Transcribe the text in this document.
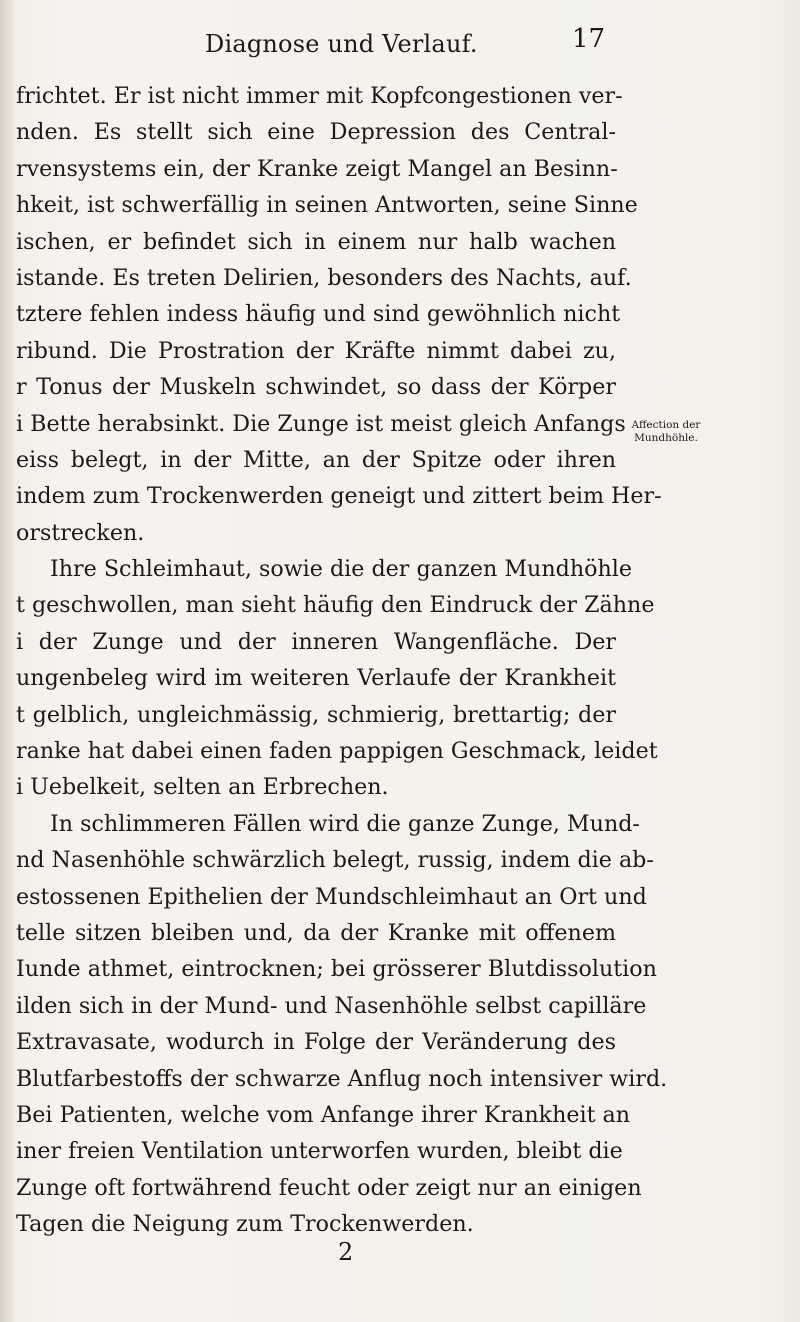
Diagnose und Verlauf.	17
frichtet. Er ist nicht immer mit Kopfcongestionen ver-
nden. Es stellt sich eine Depression des Central-
rvensystems ein, der Kranke zeigt Mangel an Besinn-
hkeit, ist schwerfällig in seinen Antworten, seine Sinne
ischen, er befindet sich in einem nur halb wachen
istande. Es treten Delirien, besonders des Nachts, auf.
tztere fehlen indess häufig und sind gewöhnlich nicht
ribund. Die Prostration der Kräfte nimmt dabei zu,
r Tonus der Muskeln schwindet, so dass der Körper
i Bette herabsinkt. Die Zunge ist meist gleich Anfangs
eiss belegt, in der Mitte, an der Spitze oder ihren
indem zum Trockenwerden geneigt und zittert beim Her-
orstrecken.
Ihre Schleimhaut, sowie die der ganzen Mundhöhle
t geschwollen, man sieht häufig den Eindruck der Zähne
i der Zunge und der inneren Wangenfläche. Der
ungenbeleg wird im weiteren Verlaufe der Krankheit
t gelblich, ungleichmässig, schmierig, brettartig; der
ranke hat dabei einen faden pappigen Geschmack, leidet
i Uebelkeit, selten an Erbrechen.
In schlimmeren Fällen wird die ganze Zunge, Mund-
nd Nasenhöhle schwärzlich belegt, russig, indem die ab-
estossenen Epithelien der Mundschleimhaut an Ort und
telle sitzen bleiben und, da der Kranke mit offenem
Iunde athmet, eintrocknen; bei grösserer Blutdissolution
ilden sich in der Mund- und Nasenhöhle selbst capilläre
Extravasate, wodurch in Folge der Veränderung des
Blutfarbestoffs der schwarze Anflug noch intensiver wird.
Bei Patienten, welche vom Anfange ihrer Krankheit an
iner freien Ventilation unterworfen wurden, bleibt die
Zunge oft fortwährend feucht oder zeigt nur an einigen
Tagen die Neigung zum Trockenwerden.
Affection der
Mundhöhle.
2
